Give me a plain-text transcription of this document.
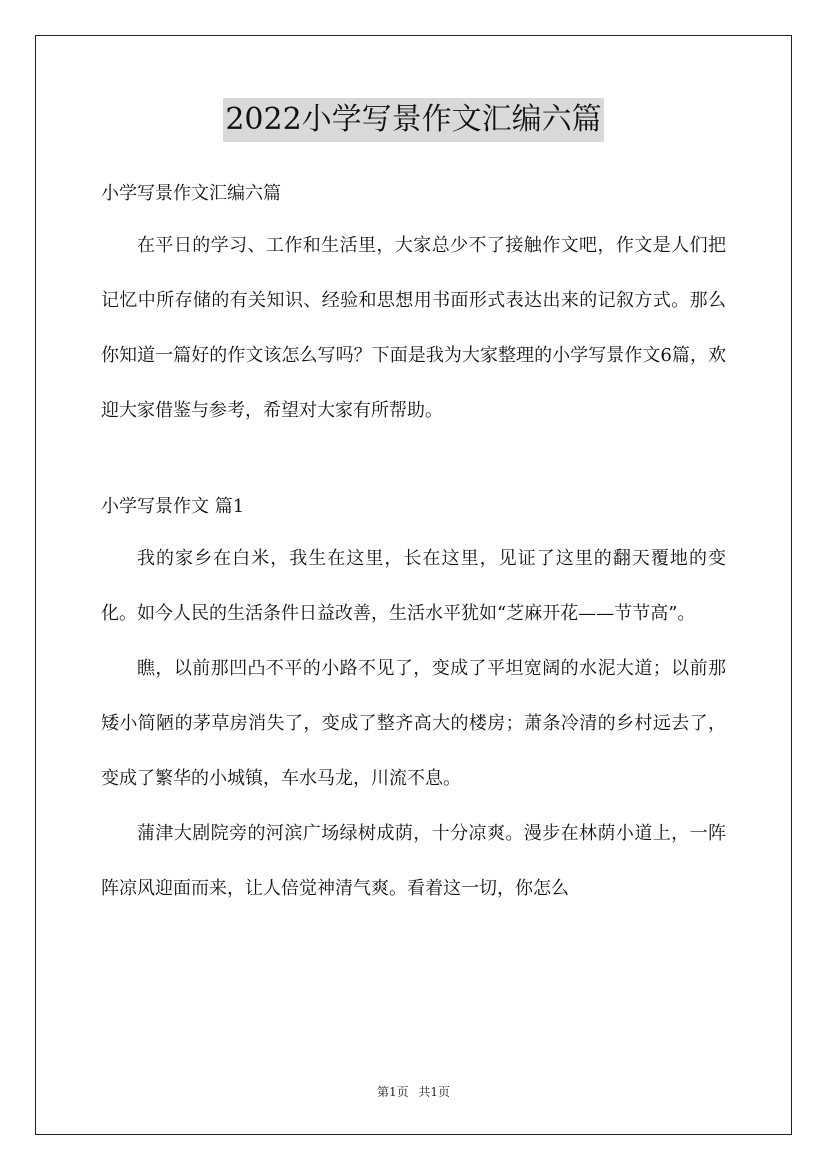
2022小学写景作文汇编六篇

小学写景作文汇编六篇

在平日的学习、工作和生活里，大家总少不了接触作文吧，作文是人们把记忆中所存储的有关知识、经验和思想用书面形式表达出来的记叙方式。那么你知道一篇好的作文该怎么写吗？下面是我为大家整理的小学写景作文6篇，欢迎大家借鉴与参考，希望对大家有所帮助。

小学写景作文 篇1

我的家乡在白米，我生在这里，长在这里，见证了这里的翻天覆地的变化。如今人民的生活条件日益改善，生活水平犹如“芝麻开花——节节高”。

瞧，以前那凹凸不平的小路不见了，变成了平坦宽阔的水泥大道；以前那矮小简陋的茅草房消失了，变成了整齐高大的楼房；萧条冷清的乡村远去了，变成了繁华的小城镇，车水马龙，川流不息。

蒲津大剧院旁的河滨广场绿树成荫，十分凉爽。漫步在林荫小道上，一阵阵凉风迎面而来，让人倍觉神清气爽。看着这一切，你怎么

第1页 共1页
